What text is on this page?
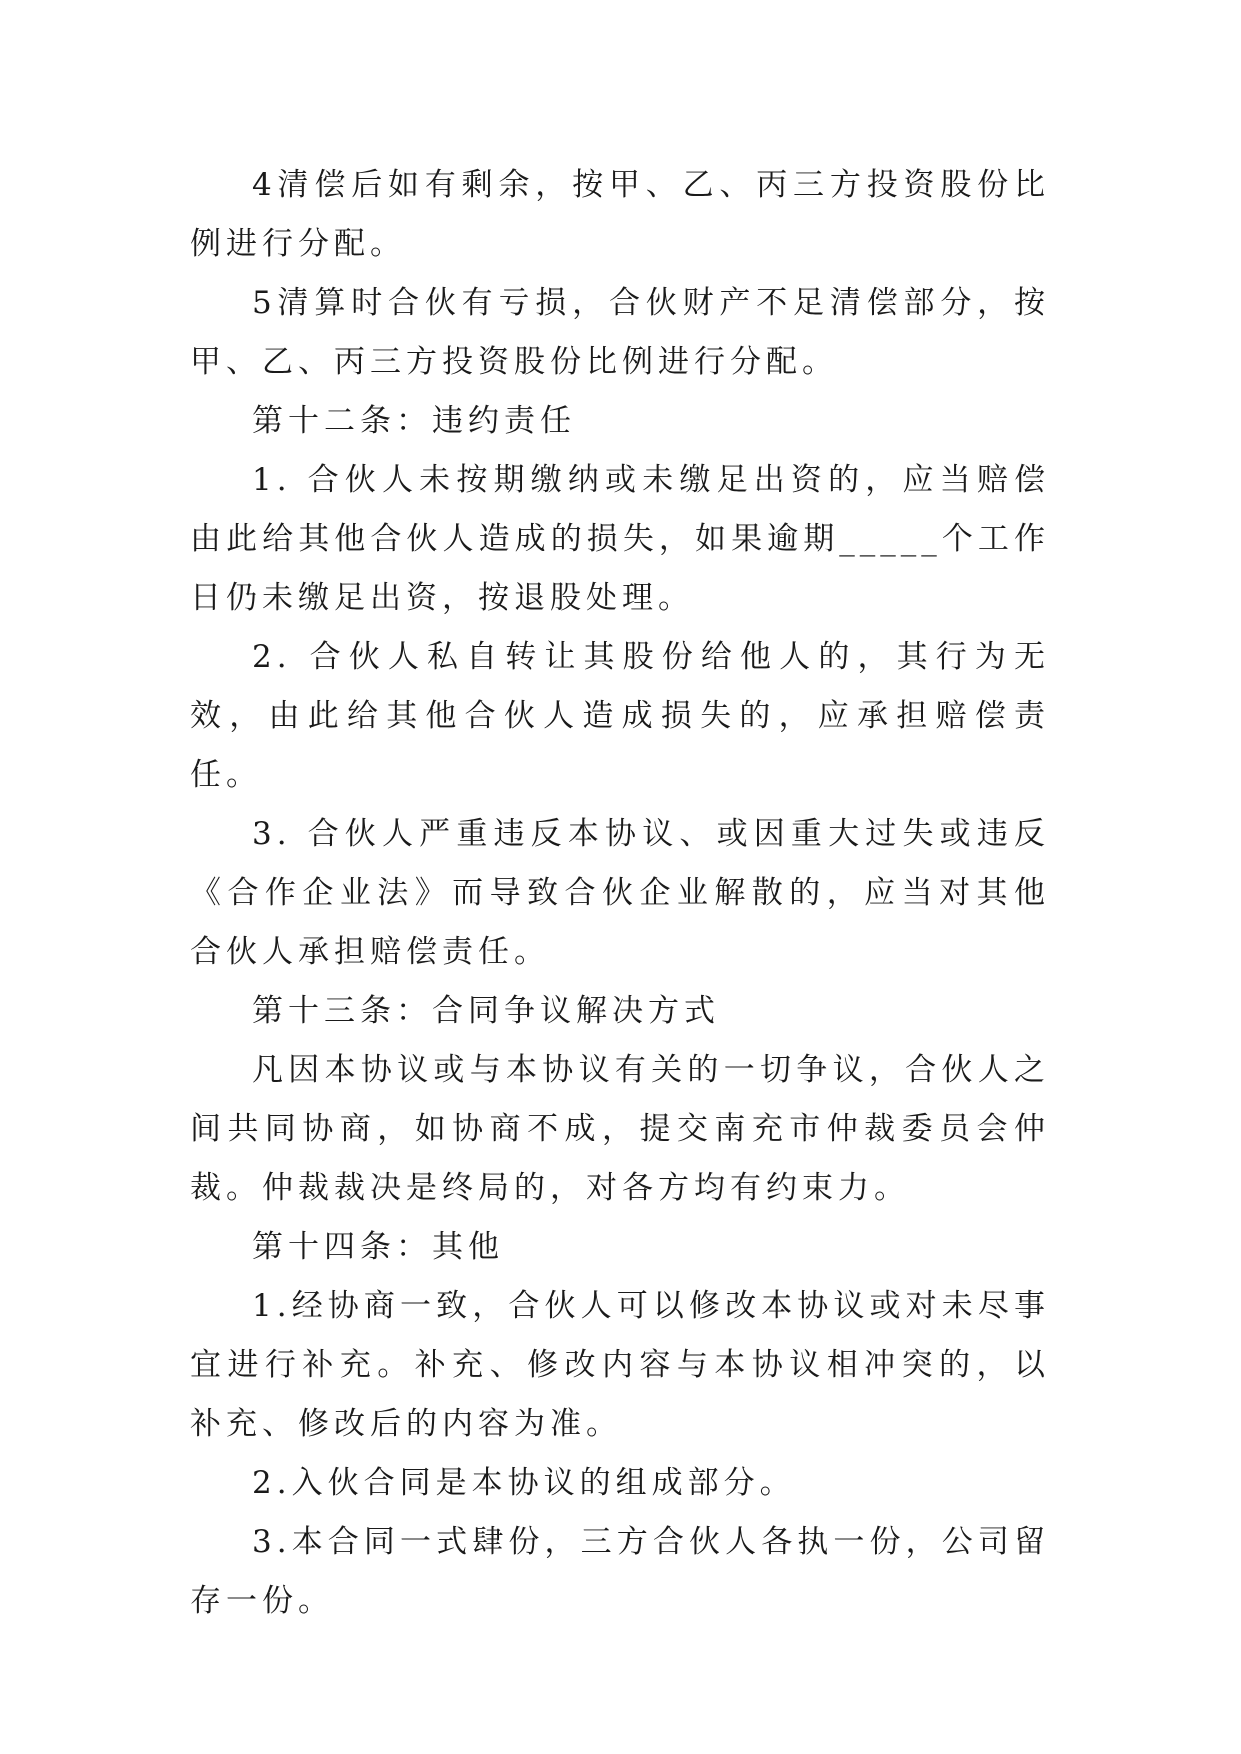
4清偿后如有剩余，按甲、乙、丙三方投资股份比例进行分配。

5清算时合伙有亏损，合伙财产不足清偿部分，按甲、乙、丙三方投资股份比例进行分配。

第十二条：违约责任

1. 合伙人未按期缴纳或未缴足出资的，应当赔偿由此给其他合伙人造成的损失，如果逾期_____个工作日仍未缴足出资，按退股处理。

2. 合伙人私自转让其股份给他人的，其行为无效，由此给其他合伙人造成损失的，应承担赔偿责任。

3. 合伙人严重违反本协议、或因重大过失或违反《合作企业法》而导致合伙企业解散的，应当对其他合伙人承担赔偿责任。

第十三条：合同争议解决方式

凡因本协议或与本协议有关的一切争议，合伙人之间共同协商，如协商不成，提交南充市仲裁委员会仲裁。仲裁裁决是终局的，对各方均有约束力。

第十四条：其他

1.经协商一致，合伙人可以修改本协议或对未尽事宜进行补充。补充、修改内容与本协议相冲突的，以补充、修改后的内容为准。

2.入伙合同是本协议的组成部分。

3.本合同一式肆份，三方合伙人各执一份，公司留存一份。
